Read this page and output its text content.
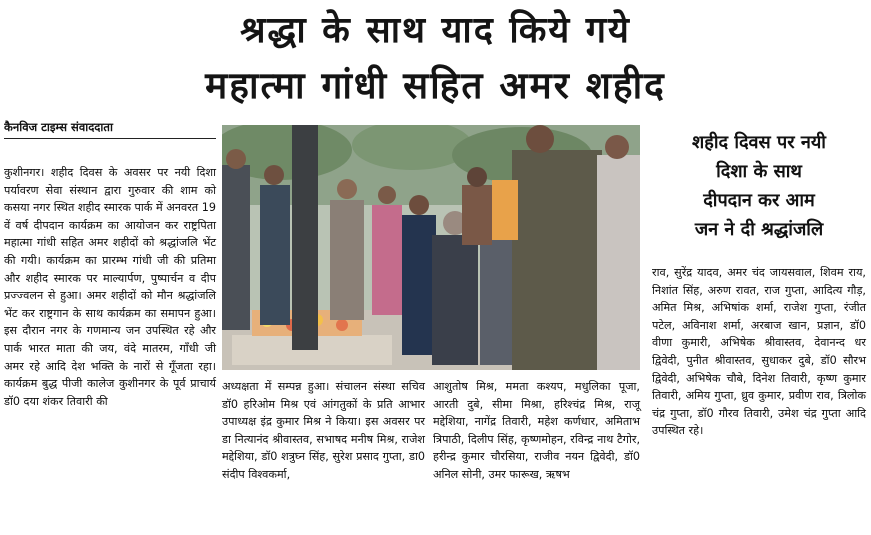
श्रद्धा के साथ याद किये गये
महात्मा गांधी सहित अमर शहीद
कैनविज टाइम्स संवाददाता
कुशीनगर। शहीद दिवस के अवसर पर नयी दिशा पर्यावरण सेवा संस्थान द्वारा गुरुवार की शाम को कसया नगर स्थित शहीद स्मारक पार्क में अनवरत 19 वें वर्ष दीपदान कार्यक्रम का आयोजन कर राष्ट्रपिता महात्मा गांधी सहित अमर शहीदों को श्रद्धांजलि भेंट की गयी। कार्यक्रम का प्रारम्भ गांधी जी की प्रतिमा और शहीद स्मारक पर माल्यार्पण, पुष्पार्चन व दीप प्रज्ज्वलन से हुआ। अमर शहीदों को मौन श्रद्धांजलि भेंट कर राष्ट्रगान के साथ कार्यक्रम का समापन हुआ। इस दौरान नगर के गणमान्य जन उपस्थित रहे और पार्क भारत माता की जय, वंदे मातरम, गाँधी जी अमर रहे आदि देश भक्ति के नारों से गूँजता रहा। कार्यक्रम बुद्ध पीजी कालेज कुशीनगर के पूर्व प्राचार्य डॉ0 दया शंकर तिवारी की
अध्यक्षता में सम्पन्न हुआ। संचालन संस्था सचिव डॉ0 हरिओम मिश्र एवं आंगतुकों के प्रति आभार उपाध्यक्ष इंद्र कुमार मिश्र ने किया। इस अवसर पर डा नित्यानंद श्रीवास्तव, सभाषद मनीष मिश्र, राजेश मद्देशिया, डॉ0 शत्रुघ्न सिंह, सुरेश प्रसाद गुप्ता, डा0 संदीप विश्वकर्मा,
आशुतोष मिश्र, ममता कश्यप, मधुलिका पूजा, आरती दुबे, सीमा मिश्रा, हरिश्चंद्र मिश्र, राजू मद्देशिया, नागेंद्र तिवारी, महेश कर्णधार, अमिताभ त्रिपाठी, दिलीप सिंह, कृष्णमोहन, रविन्द्र नाथ टैगोर, हरीन्द्र कुमार चौरसिया, राजीव नयन द्विवेदी, डॉ0 अनिल सोनी, उमर फारूख, ऋषभ
शहीद दिवस पर नयी
दिशा के साथ
दीपदान कर आम
जन ने दी श्रद्धांजलि
राव, सुरेंद्र यादव, अमर चंद जायसवाल, शिवम राय, निशांत सिंह, अरुण रावत, राज गुप्ता, आदित्य गौड़, अमित मिश्र, अभिषांक शर्मा, राजेश गुप्ता, रंजीत पटेल, अविनाश शर्मा, अरबाज खान, प्रज्ञान, डॉ0 वीणा कुमारी, अभिषेक श्रीवास्तव, देवानन्द धर द्विवेदी, पुनीत श्रीवास्तव, सुधाकर दुबे, डॉ0 सौरभ द्विवेदी, अभिषेक चौबे, दिनेश तिवारी, कृष्ण कुमार तिवारी, अमिय गुप्ता, ध्रुव कुमार, प्रवीण राव, त्रिलोक चंद्र गुप्ता, डॉ0 गौरव तिवारी, उमेश चंद्र गुप्ता आदि उपस्थित रहे।
